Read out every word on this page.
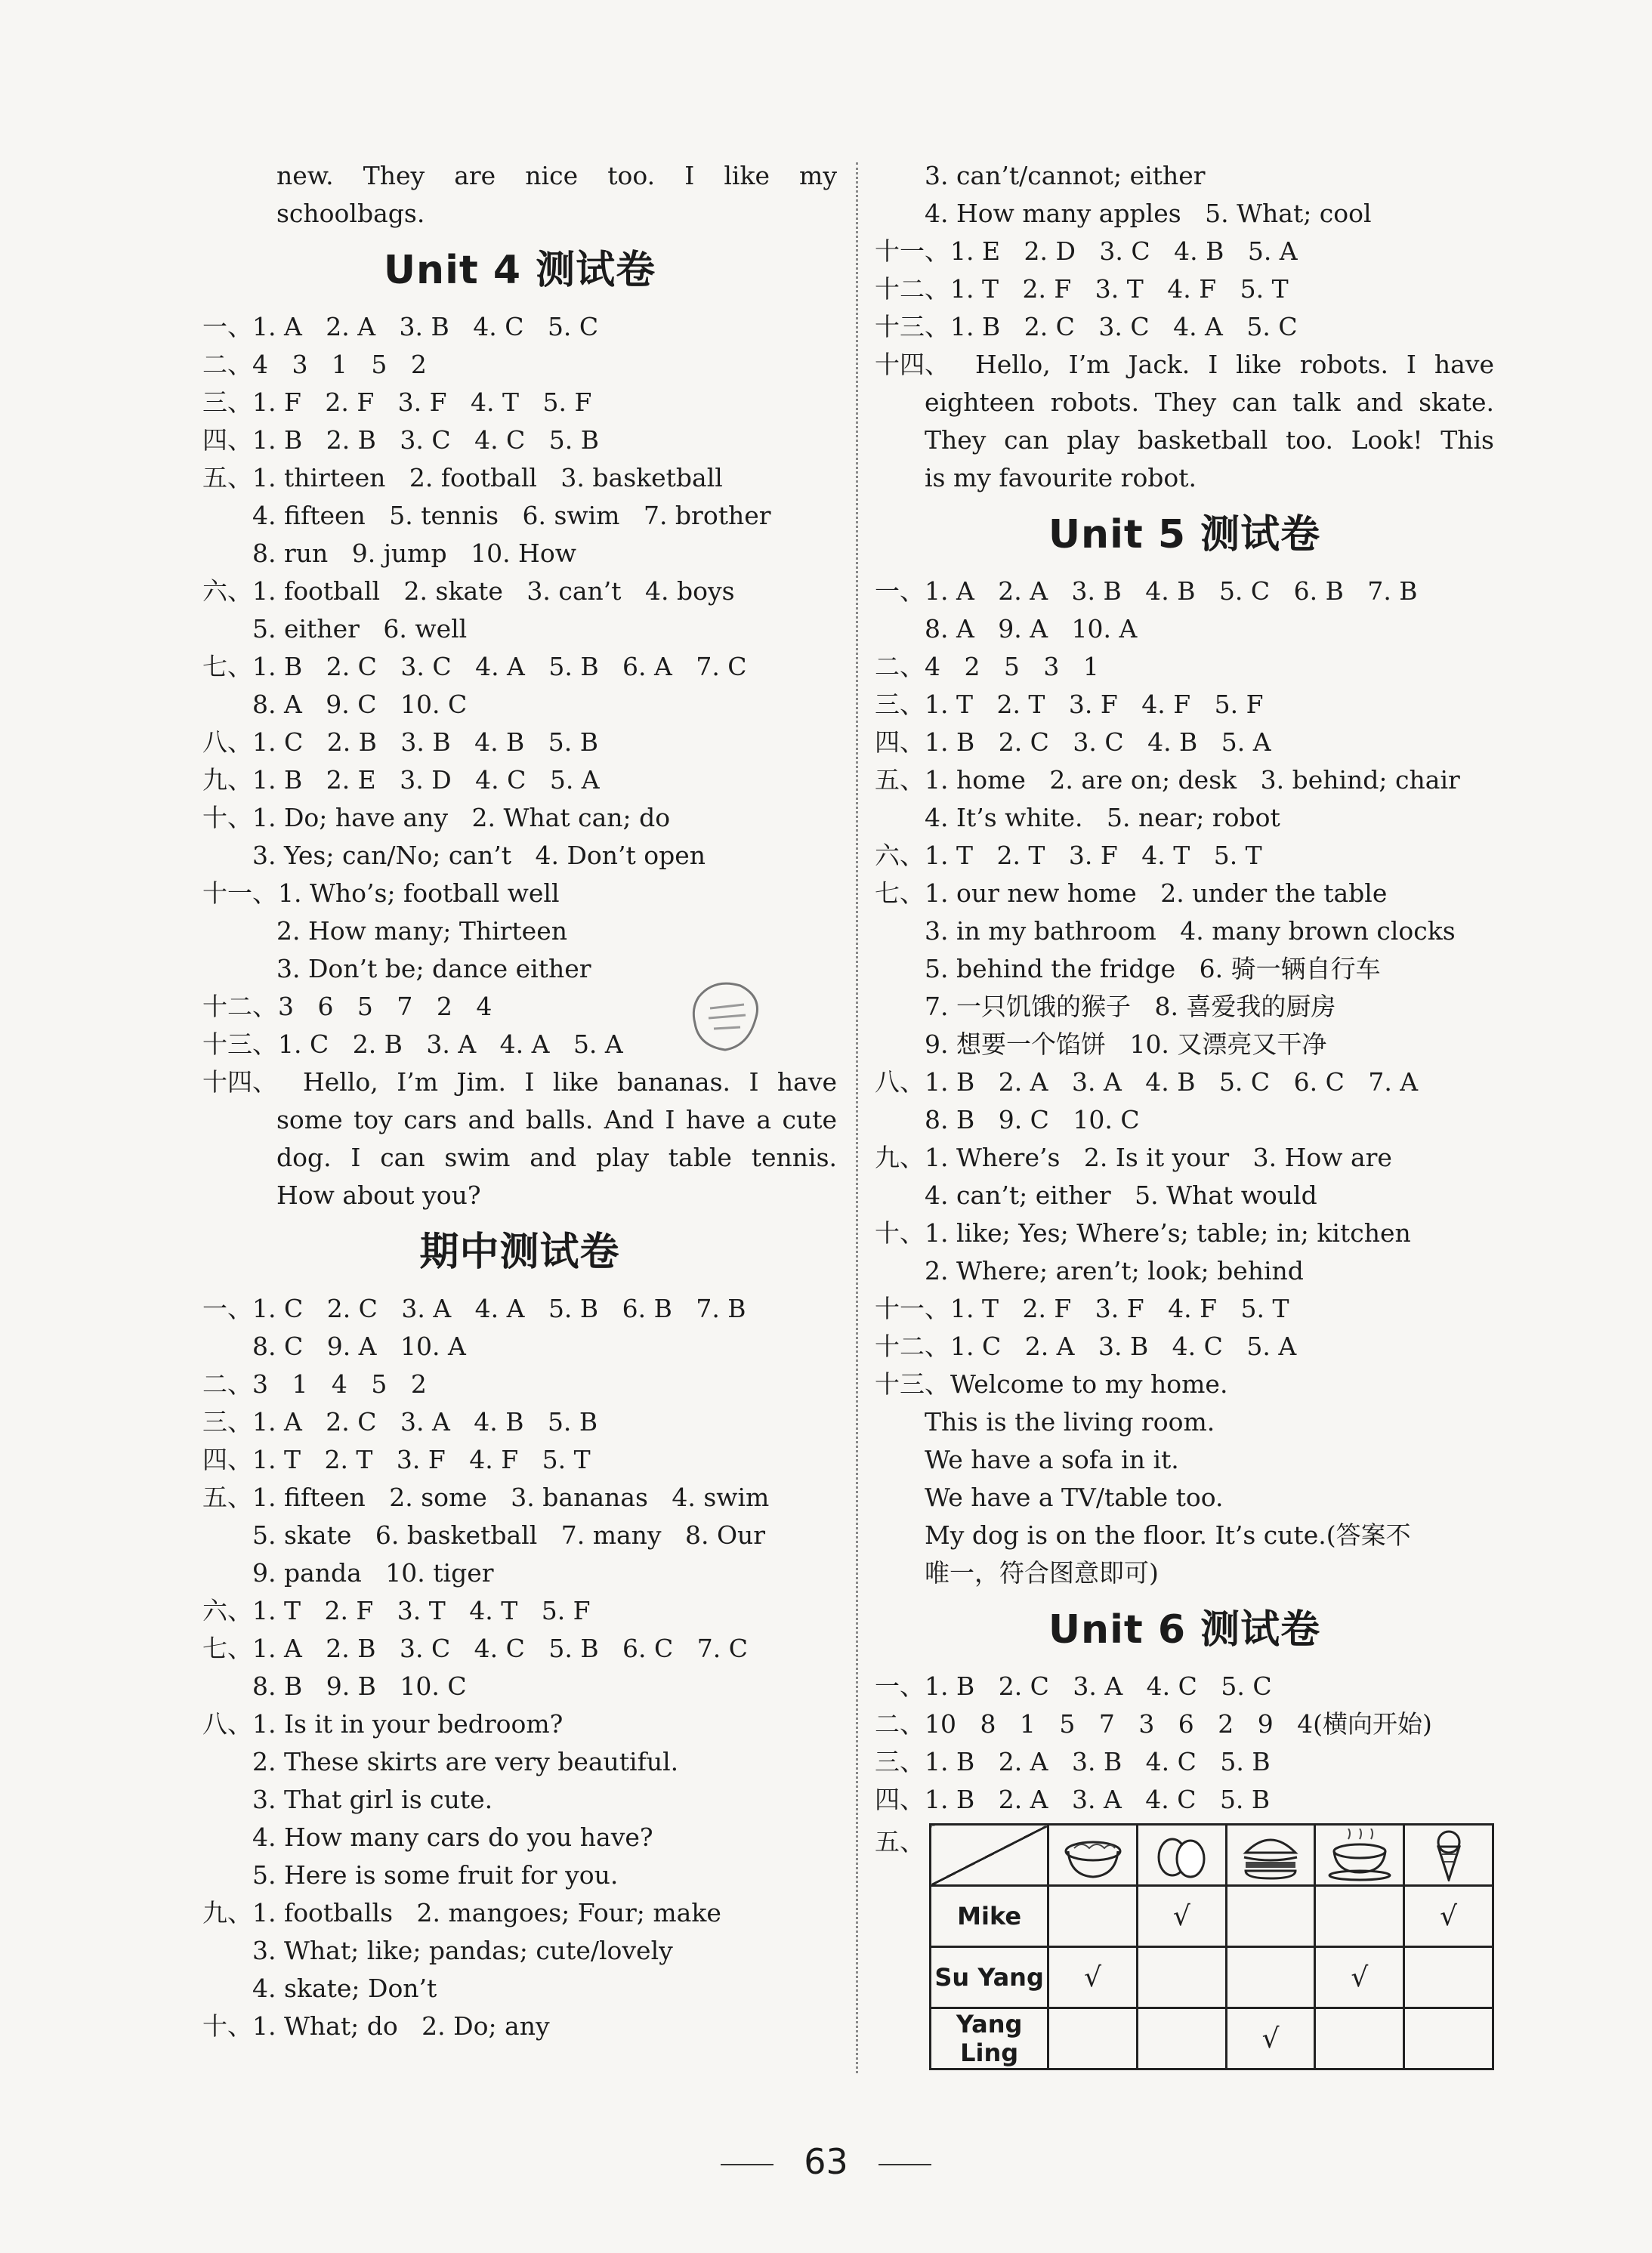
new. They are nice too. I like my
schoolbags.
Unit 4 测试卷
一、 1. A   2. A   3. B   4. C   5. C
二、 4   3   1   5   2
三、 1. F   2. F   3. F   4. T   5. F
四、 1. B   2. B   3. C   4. C   5. B
五、 1. thirteen   2. football   3. basketball
4. fifteen   5. tennis   6. swim   7. brother
8. run   9. jump   10. How
六、 1. football   2. skate   3. can’t   4. boys
5. either   6. well
七、 1. B   2. C   3. C   4. A   5. B   6. A   7. C
8. A   9. C   10. C
八、 1. C   2. B   3. B   4. B   5. B
九、 1. B   2. E   3. D   4. C   5. A
十、 1. Do; have any   2. What can; do
3. Yes; can/No; can’t   4. Don’t open
十一、 1. Who’s; football well
2. How many; Thirteen
3. Don’t be; dance either
十二、 3   6   5   7   2   4
十三、 1. C   2. B   3. A   4. A   5. A
十四、 Hello, I’m Jim. I like bananas. I have
some toy cars and balls. And I have a cute
dog. I can swim and play table tennis.
How about you?
期中测试卷
一、 1. C   2. C   3. A   4. A   5. B   6. B   7. B
8. C   9. A   10. A
二、 3   1   4   5   2
三、 1. A   2. C   3. A   4. B   5. B
四、 1. T   2. T   3. F   4. F   5. T
五、 1. fifteen   2. some   3. bananas   4. swim
5. skate   6. basketball   7. many   8. Our
9. panda   10. tiger
六、 1. T   2. F   3. T   4. T   5. F
七、 1. A   2. B   3. C   4. C   5. B   6. C   7. C
8. B   9. B   10. C
八、 1. Is it in your bedroom?
2. These skirts are very beautiful.
3. That girl is cute.
4. How many cars do you have?
5. Here is some fruit for you.
九、 1. footballs   2. mangoes; Four; make
3. What; like; pandas; cute/lovely
4. skate; Don’t
十、 1. What; do   2. Do; any
3. can’t/cannot; either
4. How many apples   5. What; cool
十一、 1. E   2. D   3. C   4. B   5. A
十二、 1. T   2. F   3. T   4. F   5. T
十三、 1. B   2. C   3. C   4. A   5. C
十四、 Hello, I’m Jack. I like robots. I have
eighteen robots. They can talk and skate.
They can play basketball too. Look! This
is my favourite robot.
Unit 5 测试卷
一、 1. A   2. A   3. B   4. B   5. C   6. B   7. B
8. A   9. A   10. A
二、 4   2   5   3   1
三、 1. T   2. T   3. F   4. F   5. F
四、 1. B   2. C   3. C   4. B   5. A
五、 1. home   2. are on; desk   3. behind; chair
4. It’s white.   5. near; robot
六、 1. T   2. T   3. F   4. T   5. T
七、 1. our new home   2. under the table
3. in my bathroom   4. many brown clocks
5. behind the fridge   6. 骑一辆自行车
7. 一只饥饿的猴子   8. 喜爱我的厨房
9. 想要一个馅饼   10. 又漂亮又干净
八、 1. B   2. A   3. A   4. B   5. C   6. C   7. A
8. B   9. C   10. C
九、 1. Where’s   2. Is it your   3. How are
4. can’t; either   5. What would
十、 1. like; Yes; Where’s; table; in; kitchen
2. Where; aren’t; look; behind
十一、 1. T   2. F   3. F   4. F   5. T
十二、 1. C   2. A   3. B   4. C   5. A
十三、 Welcome to my home.
This is the living room.
We have a sofa in it.
We have a TV/table too.
My dog is on the floor. It’s cute.(答案不
唯一，符合图意即可)
Unit 6 测试卷
一、 1. B   2. C   3. A   4. C   5. C
二、 10   8   1   5   7   3   6   2   9   4(横向开始)
三、 1. B   2. A   3. B   4. C   5. B
四、 1. B   2. A   3. A   4. C   5. B
五、

Mike		√			√
Su Yang	√			√	
Yang Ling			√		
63
